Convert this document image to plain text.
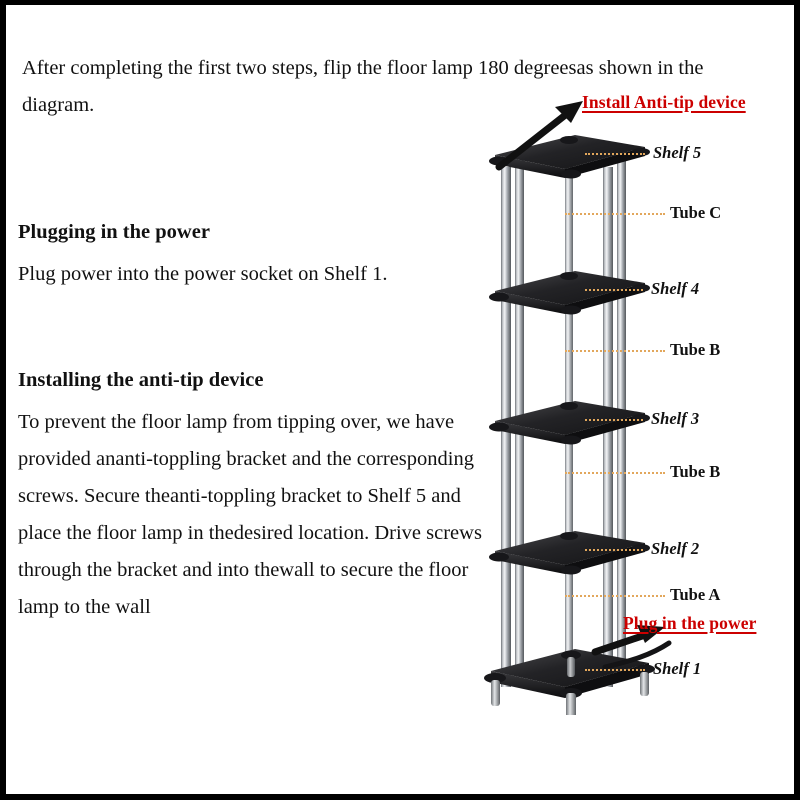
After completing the first two steps, flip the floor lamp 180 degreesas shown in the diagram.
Plugging in the power
Plug power into the power socket on Shelf 1.
Installing the anti-tip device
To prevent the floor lamp from tipping over, we have provided ananti-toppling bracket and the corresponding screws. Secure theanti-toppling bracket to Shelf 5 and place the floor lamp in thedesired location. Drive screws through the bracket and into thewall to secure the floor lamp to the wall
Shelf 5
Tube C
Shelf 4
Tube B
Shelf 3
Tube B
Shelf 2
Tube A
Shelf 1
Install Anti-tip device
Plug in the power
